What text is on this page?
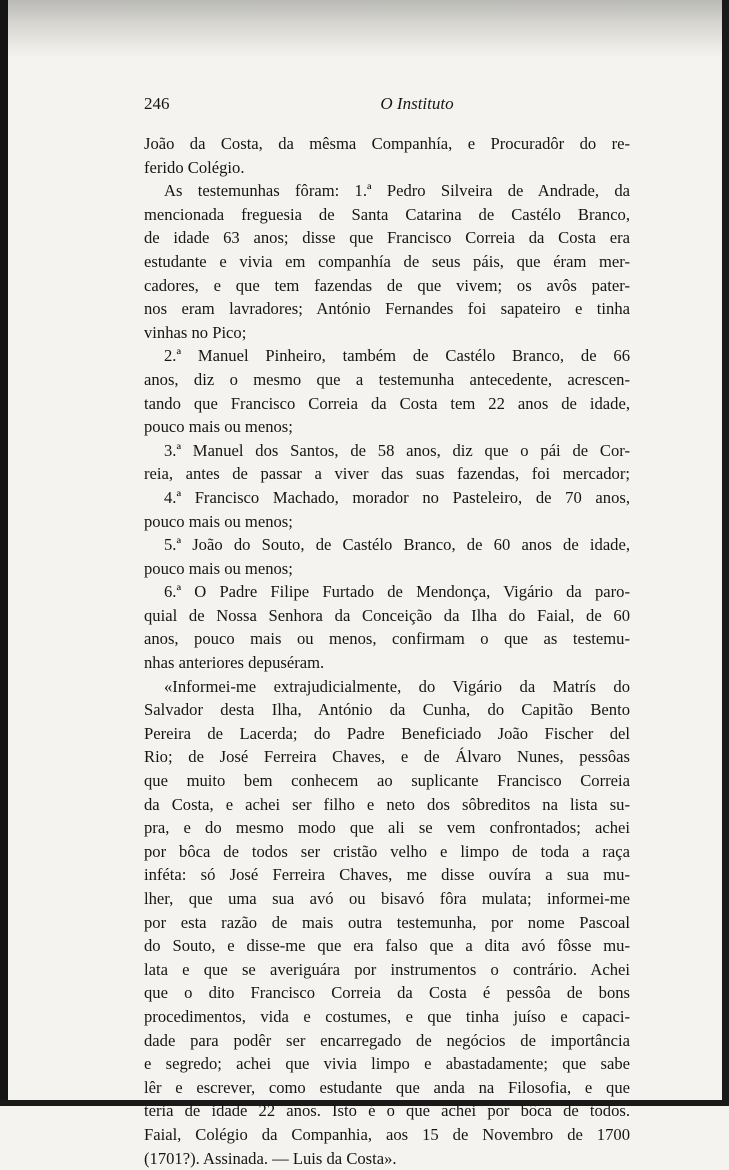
246	O Instituto
João da Costa, da mêsma Companhía, e Procuradôr do re-
ferido Colégio.
As testemunhas fôram: 1.ª Pedro Silveira de Andrade, da
mencionada freguesia de Santa Catarina de Castélo Branco,
de idade 63 anos; disse que Francisco Correia da Costa era
estudante e vivia em companhía de seus páis, que éram mer-
cadores, e que tem fazendas de que vivem; os avôs pater-
nos eram lavradores; António Fernandes foi sapateiro e tinha
vinhas no Pico;
2.ª Manuel Pinheiro, também de Castélo Branco, de 66
anos, diz o mesmo que a testemunha antecedente, acrescen-
tando que Francisco Correia da Costa tem 22 anos de idade,
pouco mais ou menos;
3.ª Manuel dos Santos, de 58 anos, diz que o pái de Cor-
reia, antes de passar a viver das suas fazendas, foi mercador;
4.ª Francisco Machado, morador no Pasteleiro, de 70 anos,
pouco mais ou menos;
5.ª João do Souto, de Castélo Branco, de 60 anos de idade,
pouco mais ou menos;
6.ª O Padre Filipe Furtado de Mendonça, Vigário da paro-
quial de Nossa Senhora da Conceição da Ilha do Faial, de 60
anos, pouco mais ou menos, confirmam o que as testemu-
nhas anteriores depuséram.
«Informei-me extrajudicialmente, do Vigário da Matrís do
Salvador desta Ilha, António da Cunha, do Capitão Bento
Pereira de Lacerda; do Padre Beneficiado João Fischer del
Rio; de José Ferreira Chaves, e de Álvaro Nunes, pessôas
que muito bem conhecem ao suplicante Francisco Correia
da Costa, e achei ser filho e neto dos sôbreditos na lista su-
pra, e do mesmo modo que ali se vem confrontados; achei
por bôca de todos ser cristão velho e limpo de toda a raça
inféta: só José Ferreira Chaves, me disse ouvíra a sua mu-
lher, que uma sua avó ou bisavó fôra mulata; informei-me
por esta razão de mais outra testemunha, por nome Pascoal
do Souto, e disse-me que era falso que a dita avó fôsse mu-
lata e que se averiguára por instrumentos o contrário. Achei
que o dito Francisco Correia da Costa é pessôa de bons
procedimentos, vida e costumes, e que tinha juíso e capaci-
dade para podêr ser encarregado de negócios de importância
e segredo; achei que vivia limpo e abastadamente; que sabe
lêr e escrever, como estudante que anda na Filosofia, e que
teria de idade 22 anos. Isto é o que achei por bôca de todos.
Faial, Colégio da Companhia, aos 15 de Novembro de 1700
(1701?). Assinada. — Luis da Costa».
